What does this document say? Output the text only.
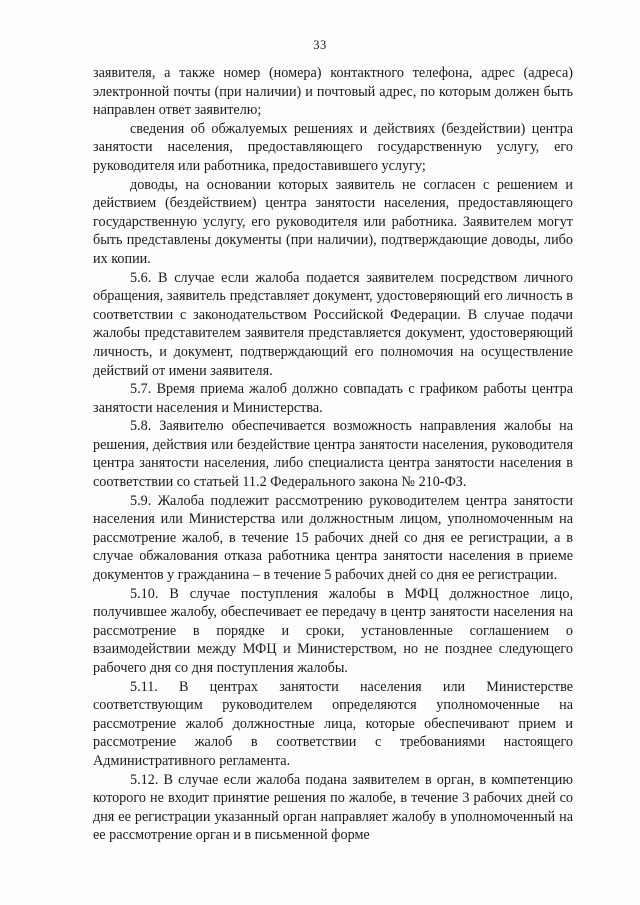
33

заявителя, а также номер (номера) контактного телефона, адрес (адреса) электронной почты (при наличии) и почтовый адрес, по которым должен быть направлен ответ заявителю;

сведения об обжалуемых решениях и действиях (бездействии) центра занятости населения, предоставляющего государственную услугу, его руководителя или работника, предоставившего услугу;

доводы, на основании которых заявитель не согласен с решением и действием (бездействием) центра занятости населения, предоставляющего государственную услугу, его руководителя или работника. Заявителем могут быть представлены документы (при наличии), подтверждающие доводы, либо их копии.

5.6. В случае если жалоба подается заявителем посредством личного обращения, заявитель представляет документ, удостоверяющий его личность в соответствии с законодательством Российской Федерации. В случае подачи жалобы представителем заявителя представляется документ, удостоверяющий личность, и документ, подтверждающий его полномочия на осуществление действий от имени заявителя.

5.7. Время приема жалоб должно совпадать с графиком работы центра занятости населения и Министерства.

5.8. Заявителю обеспечивается возможность направления жалобы на решения, действия или бездействие центра занятости населения, руководителя центра занятости населения, либо специалиста центра занятости населения в соответствии со статьей 11.2 Федерального закона № 210-ФЗ.

5.9. Жалоба подлежит рассмотрению руководителем центра занятости населения или Министерства или должностным лицом, уполномоченным на рассмотрение жалоб, в течение 15 рабочих дней со дня ее регистрации, а в случае обжалования отказа работника центра занятости населения в приеме документов у гражданина – в течение 5 рабочих дней со дня ее регистрации.

5.10. В случае поступления жалобы в МФЦ должностное лицо, получившее жалобу, обеспечивает ее передачу в центр занятости населения на рассмотрение в порядке и сроки, установленные соглашением о взаимодействии между МФЦ и Министерством, но не позднее следующего рабочего дня со дня поступления жалобы.

5.11. В центрах занятости населения или Министерстве соответствующим руководителем определяются уполномоченные на рассмотрение жалоб должностные лица, которые обеспечивают прием и рассмотрение жалоб в соответствии с требованиями настоящего Административного регламента.

5.12. В случае если жалоба подана заявителем в орган, в компетенцию которого не входит принятие решения по жалобе, в течение 3 рабочих дней со дня ее регистрации указанный орган направляет жалобу в уполномоченный на ее рассмотрение орган и в письменной форме
